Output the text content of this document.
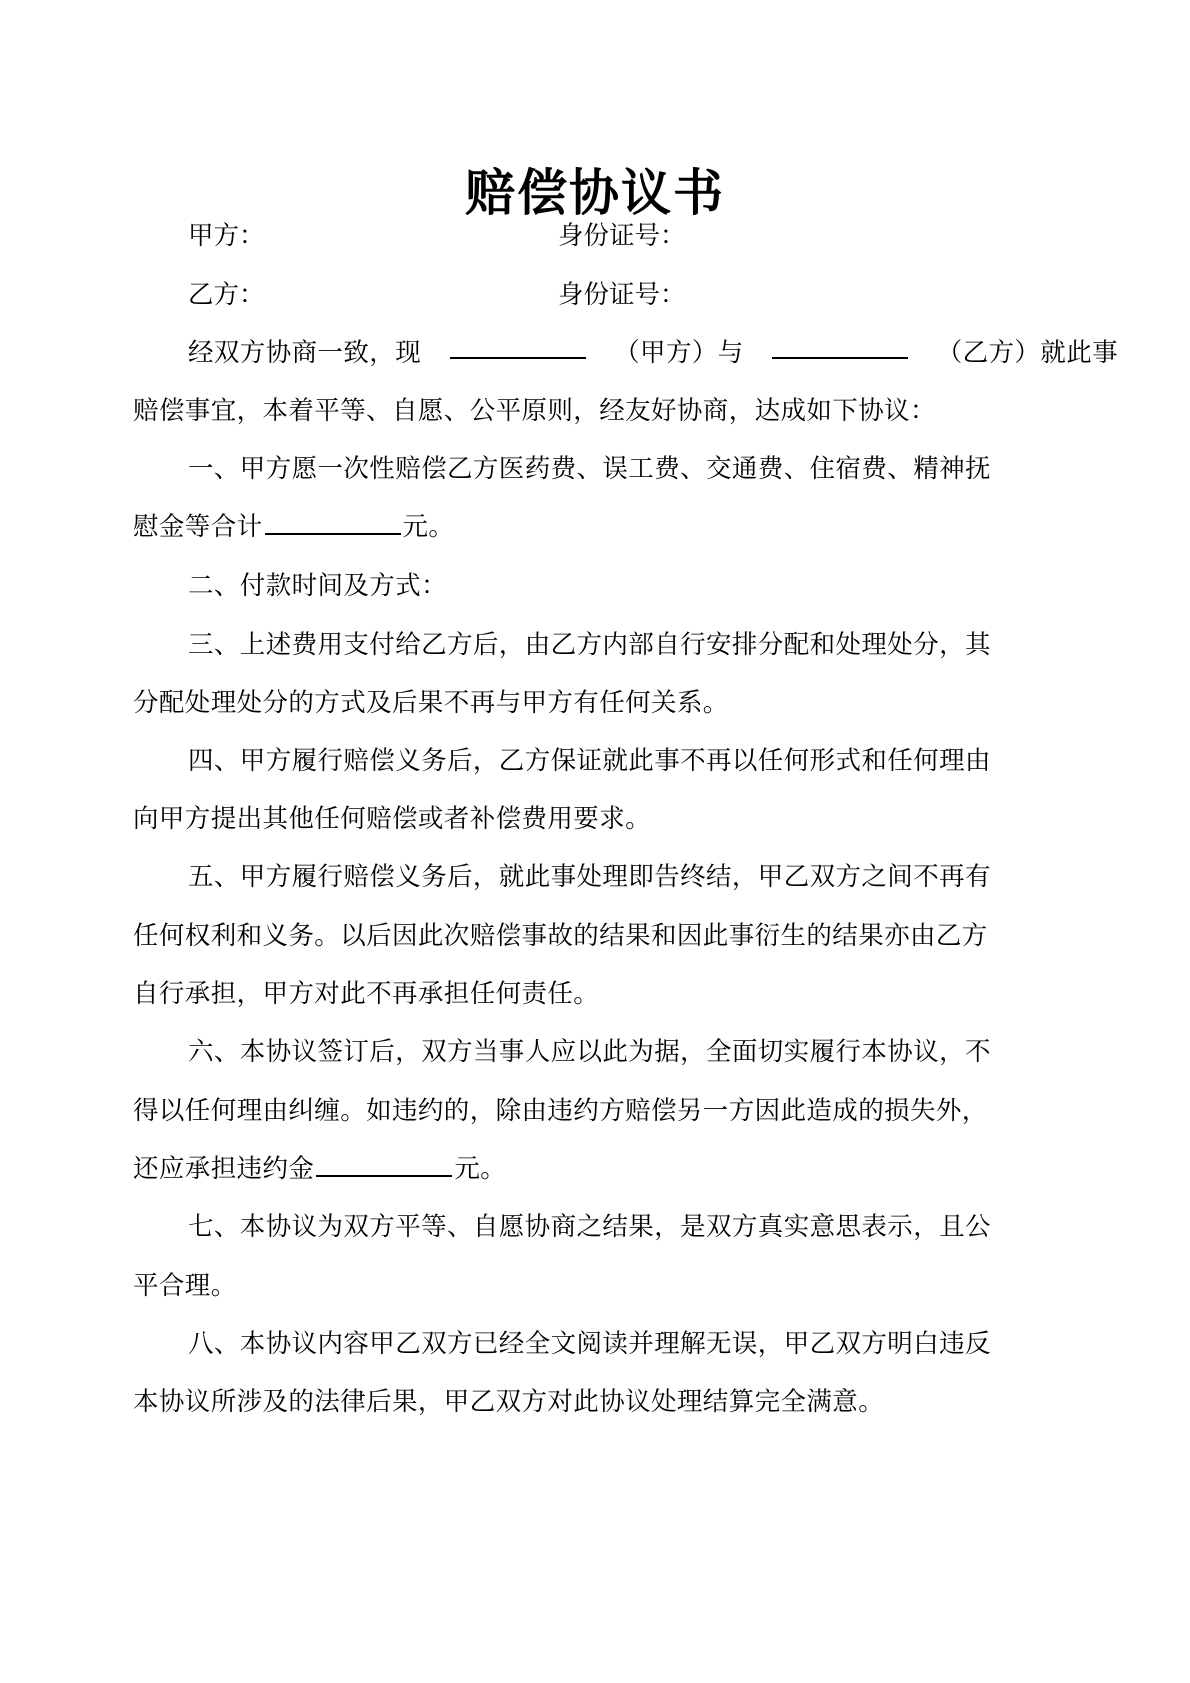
赔偿协议书
甲方：	身份证号：
乙方：	身份证号：
经双方协商一致，现	（甲方）与	（乙方）就此事
赔偿事宜，本着平等、自愿、公平原则，经友好协商，达成如下协议：
一、甲方愿一次性赔偿乙方医药费、误工费、交通费、住宿费、精神抚
慰金等合计	元。
二、付款时间及方式：
三、上述费用支付给乙方后，由乙方内部自行安排分配和处理处分，其
分配处理处分的方式及后果不再与甲方有任何关系。
四、甲方履行赔偿义务后，乙方保证就此事不再以任何形式和任何理由
向甲方提出其他任何赔偿或者补偿费用要求。
五、甲方履行赔偿义务后，就此事处理即告终结，甲乙双方之间不再有
任何权利和义务。以后因此次赔偿事故的结果和因此事衍生的结果亦由乙方
自行承担，甲方对此不再承担任何责任。
六、本协议签订后，双方当事人应以此为据，全面切实履行本协议，不
得以任何理由纠缠。如违约的，除由违约方赔偿另一方因此造成的损失外，
还应承担违约金	元。
七、本协议为双方平等、自愿协商之结果，是双方真实意思表示，且公
平合理。
八、本协议内容甲乙双方已经全文阅读并理解无误，甲乙双方明白违反
本协议所涉及的法律后果，甲乙双方对此协议处理结算完全满意。
